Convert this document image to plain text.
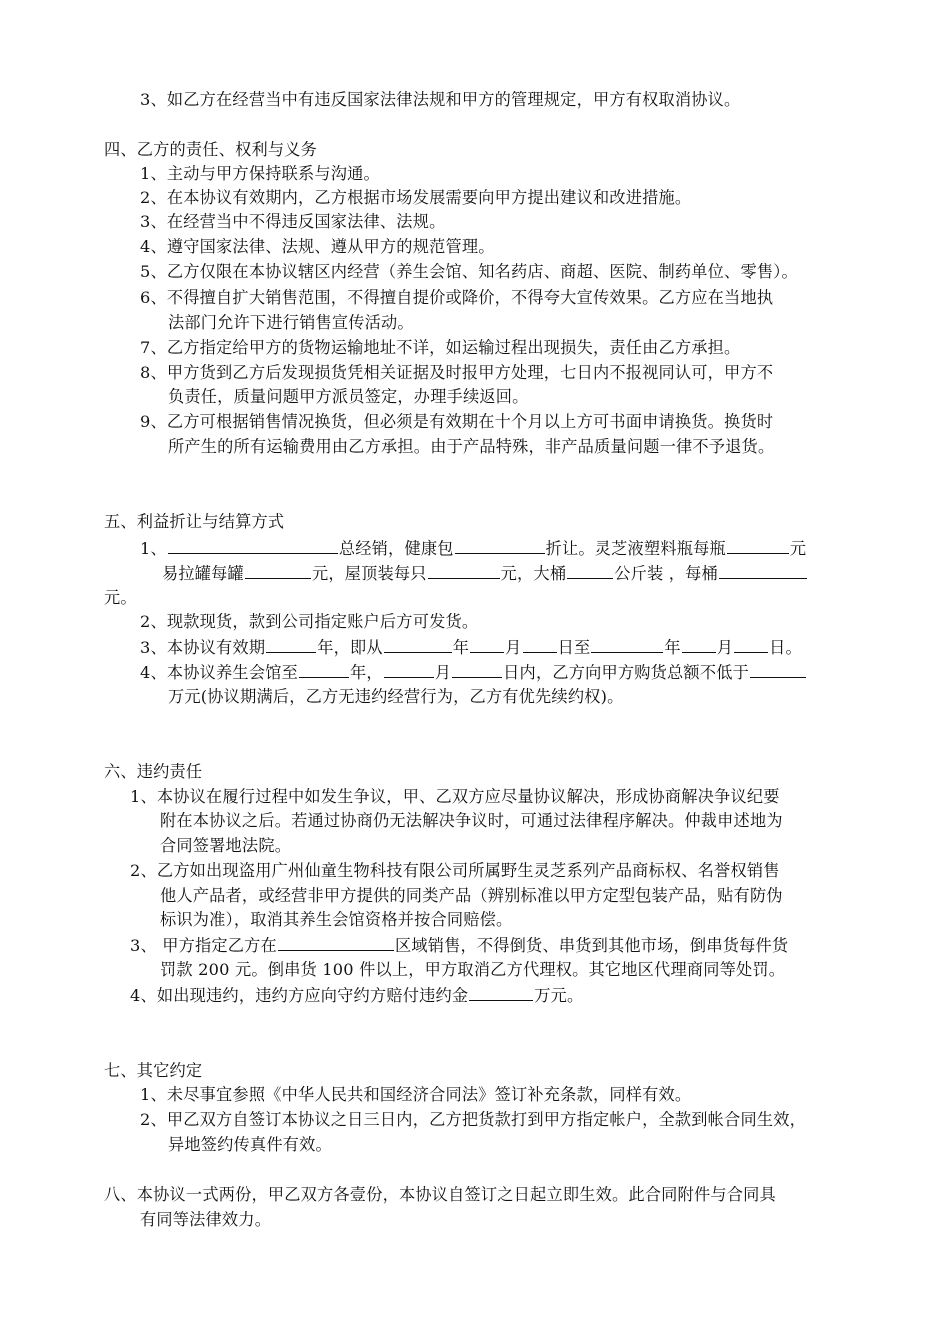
3、如乙方在经营当中有违反国家法律法规和甲方的管理规定，甲方有权取消协议。
四、乙方的责任、权利与义务
1、主动与甲方保持联系与沟通。
2、在本协议有效期内，乙方根据市场发展需要向甲方提出建议和改进措施。
3、在经营当中不得违反国家法律、法规。
4、遵守国家法律、法规、遵从甲方的规范管理。
5、乙方仅限在本协议辖区内经营（养生会馆、知名药店、商超、医院、制药单位、零售）。
6、不得擅自扩大销售范围，不得擅自提价或降价，不得夸大宣传效果。乙方应在当地执
法部门允许下进行销售宣传活动。
7、乙方指定给甲方的货物运输地址不详，如运输过程出现损失，责任由乙方承担。
8、甲方货到乙方后发现损货凭相关证据及时报甲方处理，七日内不报视同认可，甲方不
负责任，质量问题甲方派员签定，办理手续返回。
9、乙方可根据销售情况换货，但必须是有效期在十个月以上方可书面申请换货。换货时
所产生的所有运输费用由乙方承担。由于产品特殊，非产品质量问题一律不予退货。
五、利益折让与结算方式
1、	总经销，健康包	折让。灵芝液塑料瓶每瓶	元
易拉罐每罐	元，屋顶装每只	元，大桶	公斤装 ，每桶
元。
2、现款现货，款到公司指定账户后方可发货。
3、本协议有效期	年，即从	年 月 日至	年 月 日。
4、本协议养生会馆至	年，	月	日内，乙方向甲方购货总额不低于
万元(协议期满后，乙方无违约经营行为，乙方有优先续约权)。
六、违约责任
1、本协议在履行过程中如发生争议，甲、乙双方应尽量协议解决，形成协商解决争议纪要
附在本协议之后。若通过协商仍无法解决争议时，可通过法律程序解决。仲裁申述地为
合同签署地法院。
2、乙方如出现盗用广州仙童生物科技有限公司所属野生灵芝系列产品商标权、名誉权销售
他人产品者，或经营非甲方提供的同类产品（辨别标准以甲方定型包装产品，贴有防伪
标识为准），取消其养生会馆资格并按合同赔偿。
3、 甲方指定乙方在	区域销售，不得倒货、串货到其他市场，倒串货每件货
罚款 200 元。倒串货 100 件以上，甲方取消乙方代理权。其它地区代理商同等处罚。
4、如出现违约，违约方应向守约方赔付违约金	万元。
七、其它约定
1、未尽事宜参照《中华人民共和国经济合同法》签订补充条款，同样有效。
2、甲乙双方自签订本协议之日三日内，乙方把货款打到甲方指定帐户，全款到帐合同生效，
异地签约传真件有效。
八、本协议一式两份，甲乙双方各壹份，本协议自签订之日起立即生效。此合同附件与合同具
有同等法律效力。
